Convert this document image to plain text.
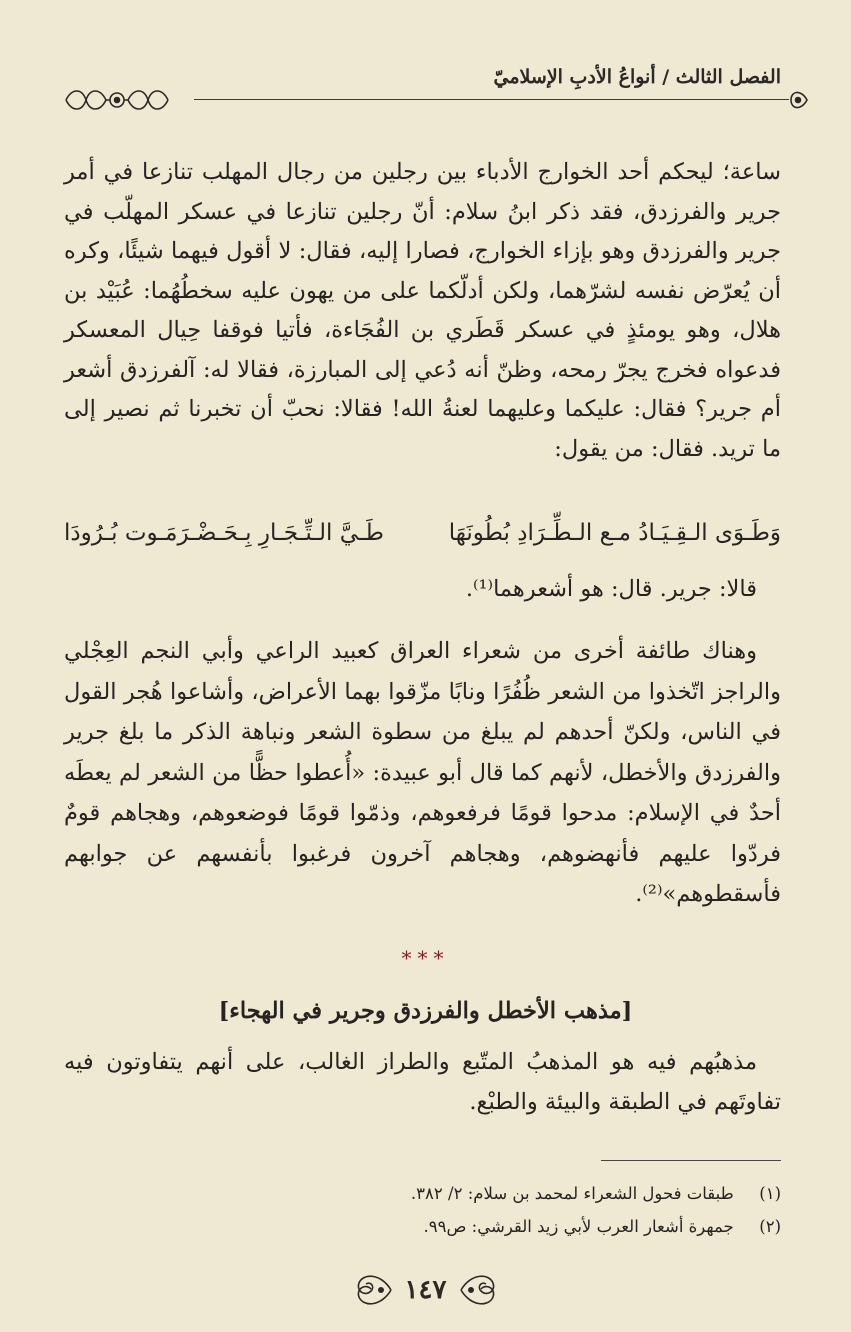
الفصل الثالث / أنواعُ الأدبِ الإسلاميّ

ساعة؛ ليحكم أحد الخوارج الأدباء بين رجلين من رجال المهلب تنازعا في أمر جرير والفرزدق، فقد ذكر ابنُ سلام: أنّ رجلين تنازعا في عسكر المهلّب في جرير والفرزدق وهو بإزاء الخوارج، فصارا إليه، فقال: لا أقول فيهما شيئًا، وكره أن يُعرّض نفسه لشرّهما، ولكن أدلّكما على من يهون عليه سخطُهُما: عُبَيْد بن هلال، وهو يومئذٍ في عسكر قَطَري بن الفُجَاءة، فأتيا فوقفا حِيال المعسكر فدعواه فخرج يجرّ رمحه، وظنّ أنه دُعي إلى المبارزة، فقالا له: آلفرزدق أشعر أم جرير؟ فقال: عليكما وعليهما لعنةُ الله! فقالا: نحبّ أن تخبرنا ثم نصير إلى ما تريد. فقال: من يقول:

وَطَـوَى الـقِـيَـادُ مـع الـطِّـرَادِ بُطُونَهَا
طَـيَّ الـتِّـجَـارِ بِـحَـضْـرَمَـوت بُـرُودَا
قالا: جرير. قال: هو أشعرهما⁽¹⁾.

وهناك طائفة أخرى من شعراء العراق كعبيد الراعي وأبي النجم العِجْلي والراجز اتّخذوا من الشعر ظُفُرًا ونابًا مزّقوا بهما الأعراض، وأشاعوا هُجر القول في الناس، ولكنّ أحدهم لم يبلغ من سطوة الشعر ونباهة الذكر ما بلغ جرير والفرزدق والأخطل، لأنهم كما قال أبو عبيدة: «أُعطوا حظًّا من الشعر لم يعطَه أحدٌ في الإسلام: مدحوا قومًا فرفعوهم، وذمّوا قومًا فوضعوهم، وهجاهم قومٌ فردّوا عليهم فأنهضوهم، وهجاهم آخرون فرغبوا بأنفسهم عن جوابهم فأسقطوهم»⁽²⁾.

***
[مذهب الأخطل والفرزدق وجرير في الهجاء]

مذهبُهم فيه هو المذهبُ المتّبع والطراز الغالب، على أنهم يتفاوتون فيه تفاوتَهم في الطبقة والبيئة والطبْع.

(١) طبقات فحول الشعراء لمحمد بن سلام: ٢/ ٣٨٢.
(٢) جمهرة أشعار العرب لأبي زيد القرشي: ص٩٩.
١٤٧
